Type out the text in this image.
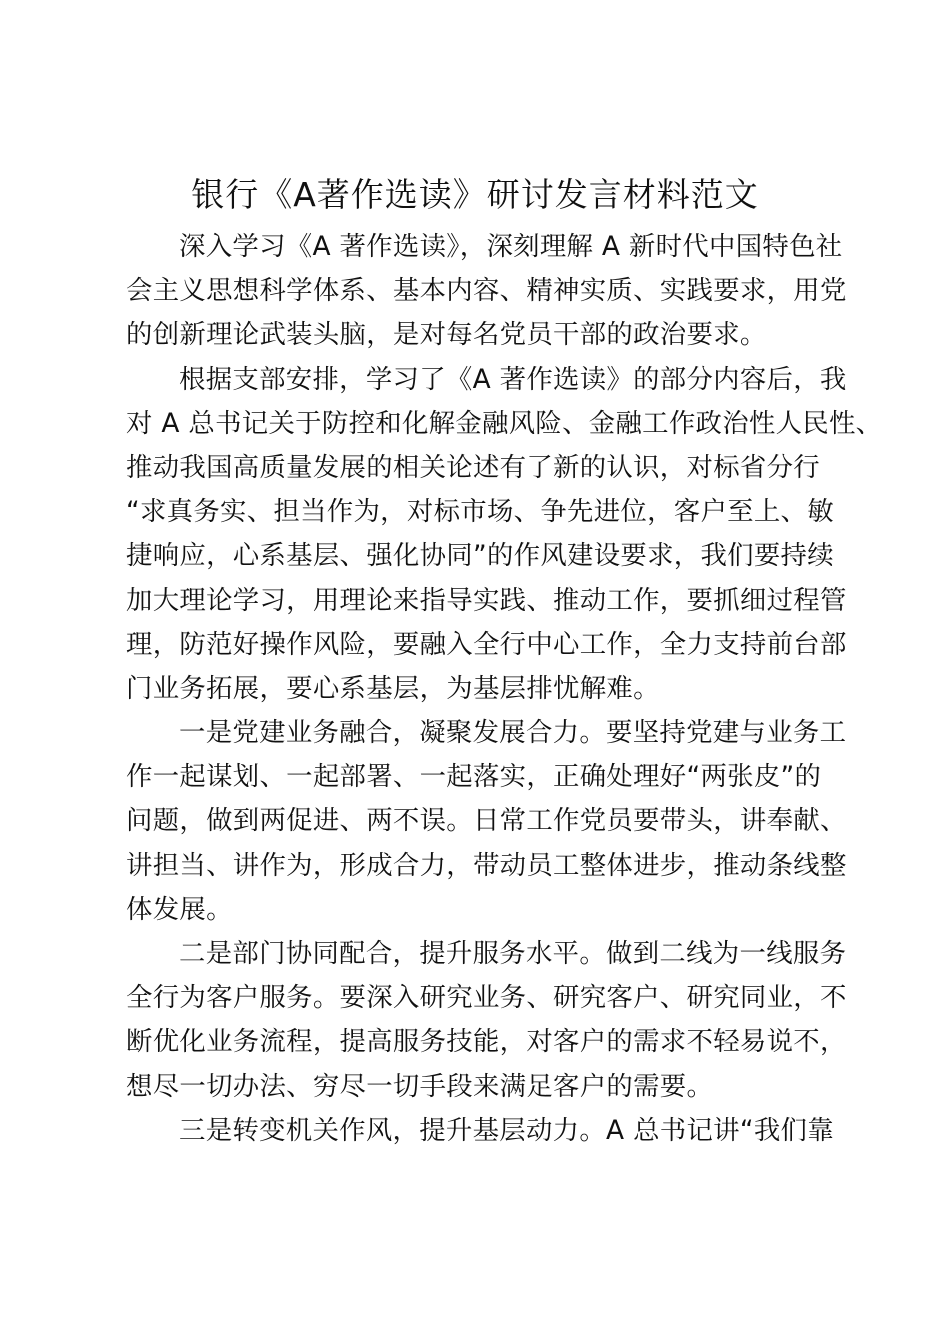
银行《A著作选读》研讨发言材料范文
深入学习《A 著作选读》，深刻理解 A 新时代中国特色社
会主义思想科学体系、基本内容、精神实质、实践要求，用党
的创新理论武装头脑，是对每名党员干部的政治要求。
根据支部安排，学习了《A 著作选读》的部分内容后，我
对 A 总书记关于防控和化解金融风险、金融工作政治性人民性、
推动我国高质量发展的相关论述有了新的认识，对标省分行
“求真务实、担当作为，对标市场、争先进位，客户至上、敏
捷响应，心系基层、强化协同”的作风建设要求，我们要持续
加大理论学习，用理论来指导实践、推动工作，要抓细过程管
理，防范好操作风险，要融入全行中心工作，全力支持前台部
门业务拓展，要心系基层，为基层排忧解难。
一是党建业务融合，凝聚发展合力。要坚持党建与业务工
作一起谋划、一起部署、一起落实，正确处理好“两张皮”的
问题，做到两促进、两不误。日常工作党员要带头，讲奉献、
讲担当、讲作为，形成合力，带动员工整体进步，推动条线整
体发展。
二是部门协同配合，提升服务水平。做到二线为一线服务
全行为客户服务。要深入研究业务、研究客户、研究同业，不
断优化业务流程，提高服务技能，对客户的需求不轻易说不，
想尽一切办法、穷尽一切手段来满足客户的需要。
三是转变机关作风，提升基层动力。A 总书记讲“我们靠
